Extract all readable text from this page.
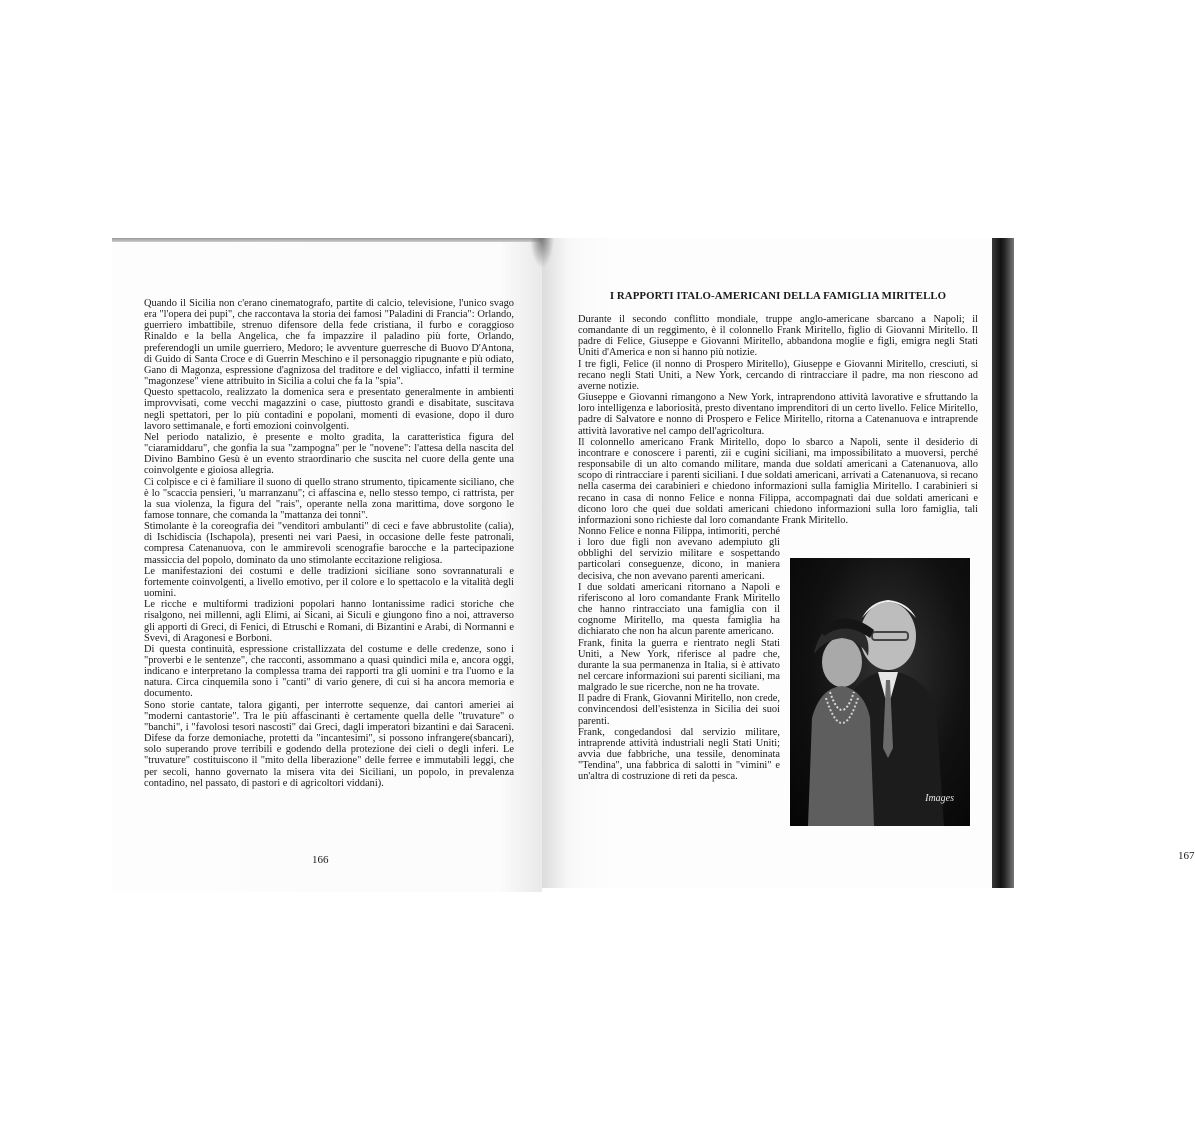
Quando il Sicilia non c'erano cinematografo, partite di calcio, televisione, l'unico svago era "l'opera dei pupi", che raccontava la storia dei famosi "Paladini di Francia": Orlando, guerriero imbattibile, strenuo difensore della fede cristiana, il furbo e coraggioso Rinaldo e la bella Angelica, che fa impazzire il paladino più forte, Orlando, preferendogli un umile guerriero, Medoro; le avventure guerresche di Buovo D'Antona, di Guido di Santa Croce e di Guerrin Meschino e il personaggio ripugnante e più odiato, Gano di Magonza, espressione d'agnizosa del traditore e del vigliacco, infatti il termine "magonzese" viene attribuito in Sicilia a colui che fa la "spia".

Questo spettacolo, realizzato la domenica sera e presentato generalmente in ambienti improvvisati, come vecchi magazzini o case, piuttosto grandi e disabitate, suscitava negli spettatori, per lo più contadini e popolani, momenti di evasione, dopo il duro lavoro settimanale, e forti emozioni coinvolgenti.

Nel periodo natalizio, è presente e molto gradita, la caratteristica figura del "ciaramiddaru", che gonfia la sua "zampogna" per le "novene": l'attesa della nascita del Divino Bambino Gesù è un evento straordinario che suscita nel cuore della gente una coinvolgente e gioiosa allegria.

Ci colpisce e ci è familiare il suono di quello strano strumento, tipicamente siciliano, che è lo "scaccia pensieri, 'u marranzanu"; ci affascina e, nello stesso tempo, ci rattrista, per la sua violenza, la figura del "rais", operante nella zona marittima, dove sorgono le famose tonnare, che comanda la "mattanza dei tonni".

Stimolante è la coreografia dei "venditori ambulanti" di ceci e fave abbrustolite (calia), di Ischidiscia (Ischapola), presenti nei vari Paesi, in occasione delle feste patronali, compresa Catenanuova, con le ammirevoli scenografie barocche e la partecipazione massiccia del popolo, dominato da uno stimolante eccitazione religiosa.

Le manifestazioni dei costumi e delle tradizioni siciliane sono sovrannaturali e fortemente coinvolgenti, a livello emotivo, per il colore e lo spettacolo e la vitalità degli uomini.

Le ricche e multiformi tradizioni popolari hanno lontanissime radici storiche che risalgono, nei millenni, agli Elimi, ai Sicani, ai Siculi e giungono fino a noi, attraverso gli apporti di Greci, di Fenici, di Etruschi e Romani, di Bizantini e Arabi, di Normanni e Svevi, di Aragonesi e Borboni.

Di questa continuità, espressione cristallizzata del costume e delle credenze, sono i "proverbi e le sentenze", che racconti, assommano a quasi quindici mila e, ancora oggi, indicano e interpretano la complessa trama dei rapporti tra gli uomini e tra l'uomo e la natura. Circa cinquemila sono i "canti" di vario genere, di cui si ha ancora memoria e documento.

Sono storie cantate, talora giganti, per interrotte sequenze, dai cantori ameriei ai "moderni cantastorie". Tra le più affascinanti è certamente quella delle "truvature" o "banchi", i "favolosi tesori nascosti" dai Greci, dagli imperatori bizantini e dai Saraceni. Difese da forze demoniache, protetti da "incantesimi", si possono infrangere(sbancari), solo superando prove terribili e godendo della protezione dei cieli o degli inferi. Le "truvature" costituiscono il "mito della liberazione" delle ferree e immutabili leggi, che per secoli, hanno governato la misera vita dei Siciliani, un popolo, in prevalenza contadino, nel passato, di pastori e di agricoltori viddani).

166
I RAPPORTI ITALO-AMERICANI DELLA FAMIGLIA MIRITELLO

Durante il secondo conflitto mondiale, truppe anglo-americane sbarcano a Napoli; il comandante di un reggimento, è il colonnello Frank Miritello, figlio di Giovanni Miritello. Il padre di Felice, Giuseppe e Giovanni Miritello, abbandona moglie e figli, emigra negli Stati Uniti d'America e non si hanno più notizie.

I tre figli, Felice (il nonno di Prospero Miritello), Giuseppe e Giovanni Miritello, cresciuti, si recano negli Stati Uniti, a New York, cercando di rintracciare il padre, ma non riescono ad averne notizie.

Giuseppe e Giovanni rimangono a New York, intraprendono attività lavorative e sfruttando la loro intelligenza e laboriosità, presto diventano imprenditori di un certo livello. Felice Miritello, padre di Salvatore e nonno di Prospero e Felice Miritello, ritorna a Catenanuova e intraprende attività lavorative nel campo dell'agricoltura.

Il colonnello americano Frank Miritello, dopo lo sbarco a Napoli, sente il desiderio di incontrare e conoscere i parenti, zii e cugini siciliani, ma impossibilitato a muoversi, perché responsabile di un alto comando militare, manda due soldati americani a Catenanuova, allo scopo di rintracciare i parenti siciliani. I due soldati americani, arrivati a Catenanuova, si recano nella caserma dei carabinieri e chiedono informazioni sulla famiglia Miritello. I carabinieri si recano in casa di nonno Felice e nonna Filippa, accompagnati dai due soldati americani e dicono loro che quei due soldati americani chiedono informazioni sulla loro famiglia, tali informazioni sono richieste dal loro comandante Frank Miritello.

Nonno Felice e nonna Filippa, intimoriti, perché i loro due figli non avevano adempiuto gli obblighi del servizio militare e sospettando particolari conseguenze, dicono, in maniera decisiva, che non avevano parenti americani.

I due soldati americani ritornano a Napoli e riferiscono al loro comandante Frank Miritello che hanno rintracciato una famiglia con il cognome Miritello, ma questa famiglia ha dichiarato che non ha alcun parente americano.

Frank, finita la guerra e rientrato negli Stati Uniti, a New York, riferisce al padre che, durante la sua permanenza in Italia, si è attivato nel cercare informazioni sui parenti siciliani, ma malgrado le sue ricerche, non ne ha trovate.

Il padre di Frank, Giovanni Miritello, non crede, convincendosi dell'esistenza in Sicilia dei suoi parenti.

Frank, congedandosi dal servizio militare, intraprende attività industriali negli Stati Uniti; avvia due fabbriche, una tessile, denominata "Tendina", una fabbrica di salotti in "vimini" e un'altra di costruzione di reti da pesca.

167
Images
